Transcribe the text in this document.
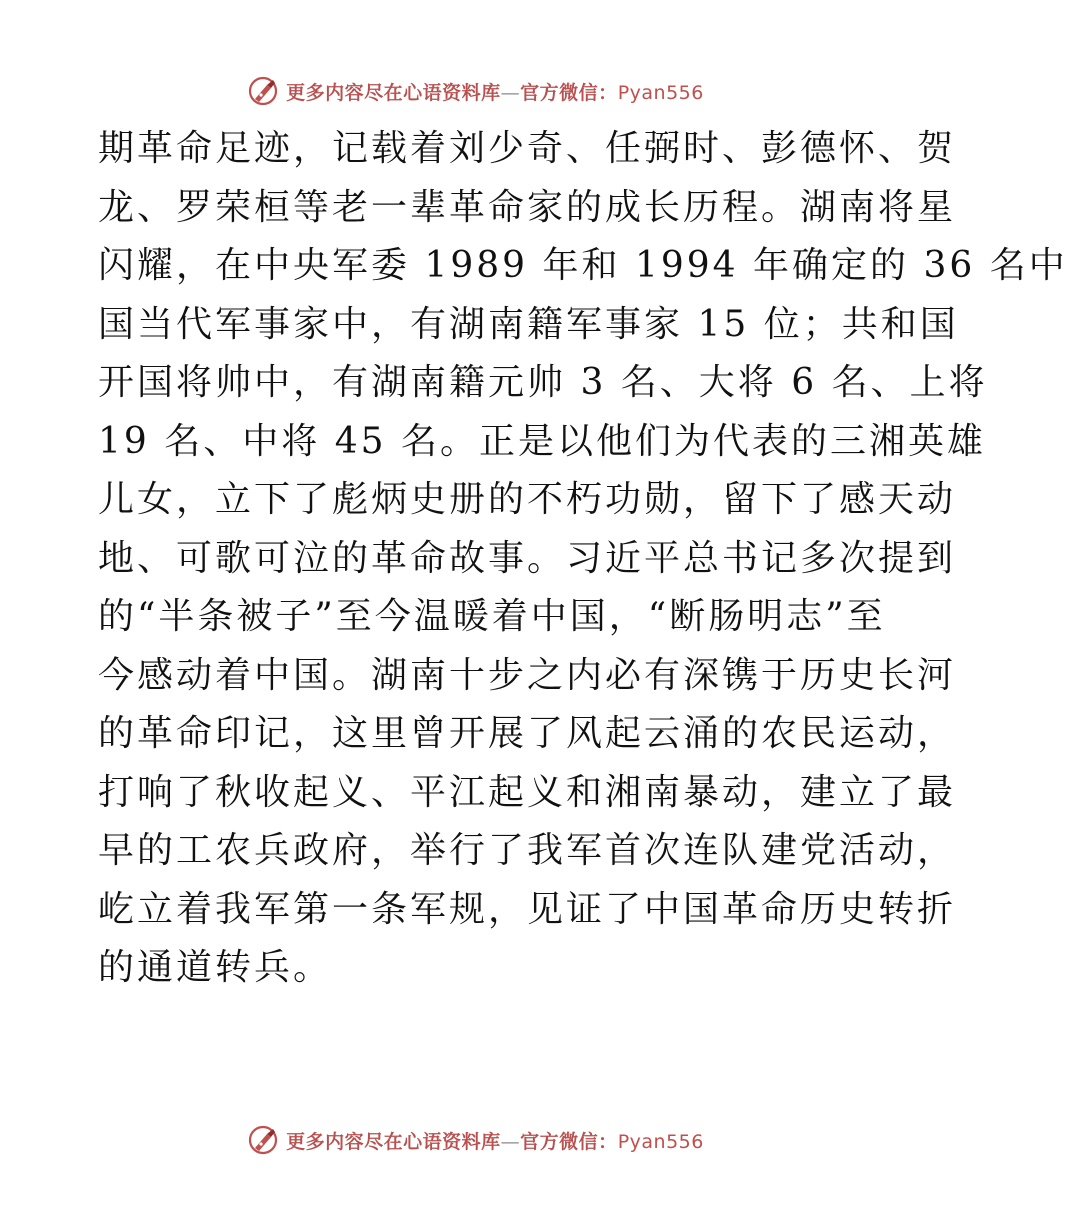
更多内容尽在心语资料库—官方微信：Pyan556
期革命足迹，记载着刘少奇、任弼时、彭德怀、贺
龙、罗荣桓等老一辈革命家的成长历程。湖南将星
闪耀，在中央军委 1989 年和 1994 年确定的 36 名中
国当代军事家中，有湖南籍军事家 15 位；共和国
开国将帅中，有湖南籍元帅 3 名、大将 6 名、上将
19 名、中将 45 名。正是以他们为代表的三湘英雄
儿女，立下了彪炳史册的不朽功勋，留下了感天动
地、可歌可泣的革命故事。习近平总书记多次提到
的“半条被子”至今温暖着中国，“断肠明志”至
今感动着中国。湖南十步之内必有深镌于历史长河
的革命印记，这里曾开展了风起云涌的农民运动，
打响了秋收起义、平江起义和湘南暴动，建立了最
早的工农兵政府，举行了我军首次连队建党活动，
屹立着我军第一条军规，见证了中国革命历史转折
的通道转兵。
更多内容尽在心语资料库—官方微信：Pyan556
